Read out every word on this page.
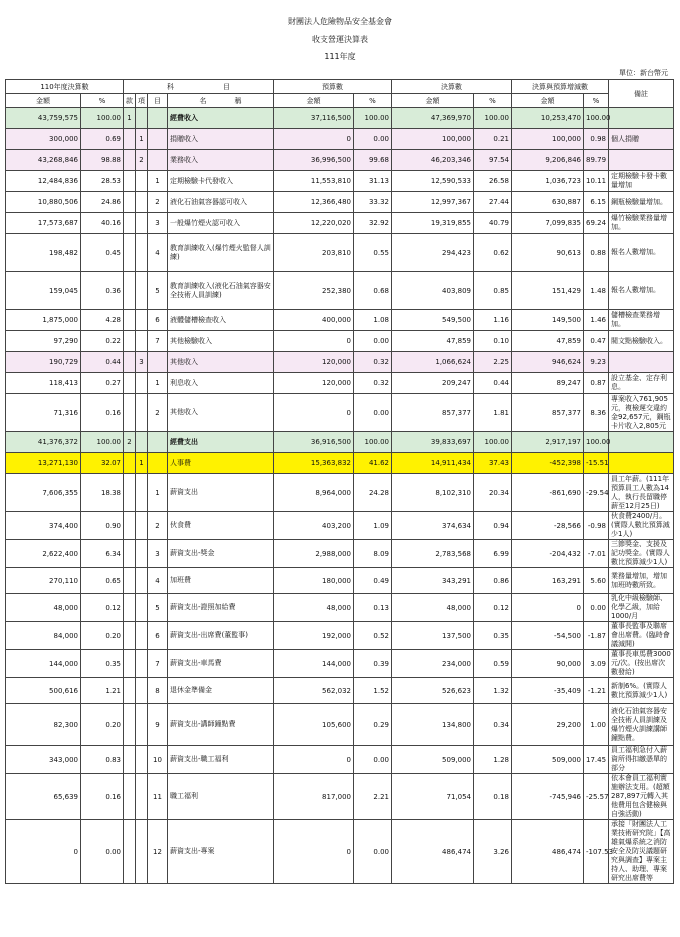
財團法人危險物品安全基金會
收支營運決算表
111年度
單位：新台幣元
110年度決算數		科　　　　　　　目				預算數		決算數		決算與預算增減數		備註
金額	%	款	項	目	名　　　　稱	金額	%	金額	%	金額	%	
43,759,575	100.00	1			經費收入	37,116,500	100.00	47,369,970	100.00	10,253,470	100.00	
300,000	0.69		1		捐贈收入	0	0.00	100,000	0.21	100,000	0.98	個人捐贈
43,268,846	98.88		2		業務收入	36,996,500	99.68	46,203,346	97.54	9,206,846	89.79	
12,484,836	28.53			1	定期檢驗卡代發收入	11,553,810	31.13	12,590,533	26.58	1,036,723	10.11	定期檢驗卡發卡數量增加
10,880,506	24.86			2	液化石油氣容器認可收入	12,366,480	33.32	12,997,367	27.44	630,887	6.15	鋼瓶檢驗量增加。
17,573,687	40.16			3	一般爆竹煙火認可收入	12,220,020	32.92	19,319,855	40.79	7,099,835	69.24	爆竹檢驗業務量增加。
198,482	0.45			4	教育訓練收入(爆竹煙火監督人訓練)	203,810	0.55	294,423	0.62	90,613	0.88	報名人數增加。
159,045	0.36			5	教育訓練收入(液化石油氣容器安全技術人員訓練)	252,380	0.68	403,809	0.85	151,429	1.48	報名人數增加。
1,875,000	4.28			6	液體儲槽檢查收入	400,000	1.08	549,500	1.16	149,500	1.46	儲槽檢查業務增加。
97,290	0.22			7	其他檢驗收入	0	0.00	47,859	0.10	47,859	0.47	閥文點檢驗收入。
190,729	0.44		3		其他收入	120,000	0.32	1,066,624	2.25	946,624	9.23	
118,413	0.27			1	利息收入	120,000	0.32	209,247	0.44	89,247	0.87	設立基金、定存利息。
71,316	0.16			2	其他收入	0	0.00	857,377	1.81	857,377	8.36	專案收入761,905元，複檢遲交違約金92,657元，鋼瓶卡片收入2,805元
41,376,372	100.00	2			經費支出	36,916,500	100.00	39,833,697	100.00	2,917,197	100.00	
13,271,130	32.07		1		人事費	15,363,832	41.62	14,911,434	37.43	-452,398	-15.51	
7,606,355	18.38			1	薪資支出	8,964,000	24.28	8,102,310	20.34	-861,690	-29.54	員工年薪。(111年預算員工人數為14人，執行長留職停薪至12月25日)
374,400	0.90			2	伙食費	403,200	1.09	374,634	0.94	-28,566	-0.98	伙食費2400/月。(實際人數比預算減少1人)
2,622,400	6.34			3	薪資支出-獎金	2,988,000	8.09	2,783,568	6.99	-204,432	-7.01	三節獎金、支援及記功獎金。(實際人數比預算減少1人)
270,110	0.65			4	加班費	180,000	0.49	343,291	0.86	163,291	5.60	業務量增加，增加加班時數所致。
48,000	0.12			5	薪資支出-證照加給費	48,000	0.13	48,000	0.12	0	0.00	乳化中級檢驗師、化學乙級，加給1000/月
84,000	0.20			6	薪資支出-出席費(董監事)	192,000	0.52	137,500	0.35	-54,500	-1.87	董事長監事及聯席會出席費。(臨時會議減開)
144,000	0.35			7	薪資支出-車馬費	144,000	0.39	234,000	0.59	90,000	3.09	董事長車馬費3000元/次。(按出席次數發給)
500,616	1.21			8	退休金準備金	562,032	1.52	526,623	1.32	-35,409	-1.21	新制6%。(實際人數比預算減少1人)
82,300	0.20			9	薪資支出-講師鐘點費	105,600	0.29	134,800	0.34	29,200	1.00	液化石油氣容器安全技術人員訓練及爆竹煙火訓練講師鐘點費。
343,000	0.83			10	薪資支出-職工福利	0	0.00	509,000	1.28	509,000	17.45	員工福利急付入薪資所得扣繳憑單的部分
65,639	0.16			11	職工福利	817,000	2.21	71,054	0.18	-745,946	-25.57	依本會員工福利實施辦法支用。(超額287,897元轉入其他費用包含健檢與自強活動)
0	0.00			12	薪資支出-專案	0	0.00	486,474	3.26	486,474	-107.53	承接「財團法人工業技術研究院」【高雄氣爆系統之消防安全及防災議題研究與調查】專案主持人、助理、專案研究出席費等
